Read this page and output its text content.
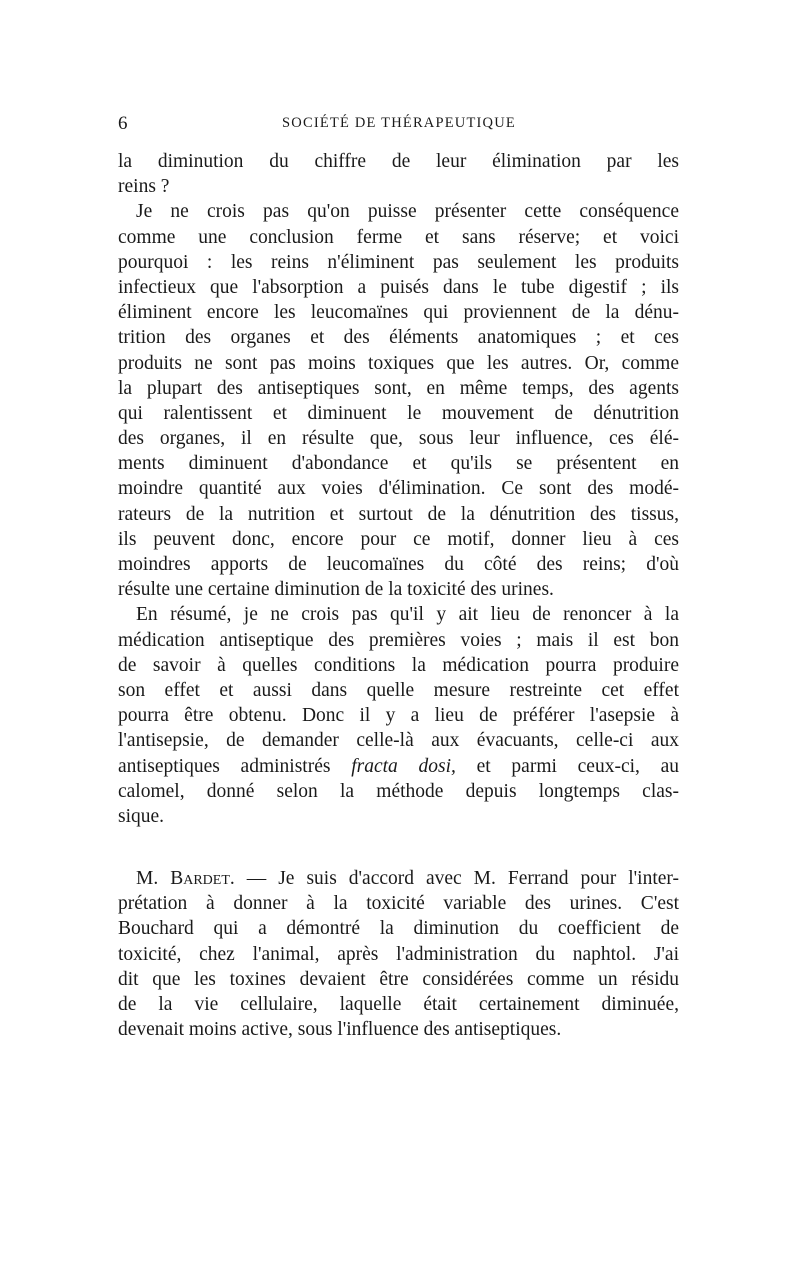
6	SOCIÉTÉ DE THÉRAPEUTIQUE
la diminution du chiffre de leur élimination par les
reins ?
Je ne crois pas qu'on puisse présenter cette conséquence
comme une conclusion ferme et sans réserve; et voici
pourquoi : les reins n'éliminent pas seulement les produits
infectieux que l'absorption a puisés dans le tube digestif ; ils
éliminent encore les leucomaïnes qui proviennent de la dénu-
trition des organes et des éléments anatomiques ; et ces
produits ne sont pas moins toxiques que les autres. Or, comme
la plupart des antiseptiques sont, en même temps, des agents
qui ralentissent et diminuent le mouvement de dénutrition
des organes, il en résulte que, sous leur influence, ces élé-
ments diminuent d'abondance et qu'ils se présentent en
moindre quantité aux voies d'élimination. Ce sont des modé-
rateurs de la nutrition et surtout de la dénutrition des tissus,
ils peuvent donc, encore pour ce motif, donner lieu à ces
moindres apports de leucomaïnes du côté des reins; d'où
résulte une certaine diminution de la toxicité des urines.
En résumé, je ne crois pas qu'il y ait lieu de renoncer à la
médication antiseptique des premières voies ; mais il est bon
de savoir à quelles conditions la médication pourra produire
son effet et aussi dans quelle mesure restreinte cet effet
pourra être obtenu. Donc il y a lieu de préférer l'asepsie à
l'antisepsie, de demander celle-là aux évacuants, celle-ci aux
antiseptiques administrés fracta dosi, et parmi ceux-ci, au
calomel, donné selon la méthode depuis longtemps clas-
sique.
M. Bardet. — Je suis d'accord avec M. Ferrand pour l'inter-
prétation à donner à la toxicité variable des urines. C'est
Bouchard qui a démontré la diminution du coefficient de
toxicité, chez l'animal, après l'administration du naphtol. J'ai
dit que les toxines devaient être considérées comme un résidu
de la vie cellulaire, laquelle était certainement diminuée,
devenait moins active, sous l'influence des antiseptiques.
